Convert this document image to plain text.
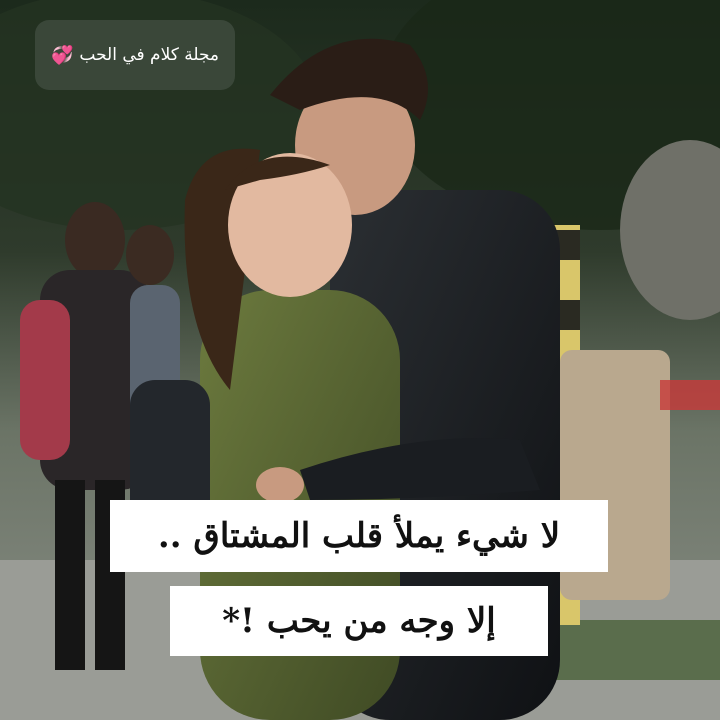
مجلة كلام في الحب
💞
لا شيء يملأ قلب المشتاق ..
إلا وجه من يحب !*
